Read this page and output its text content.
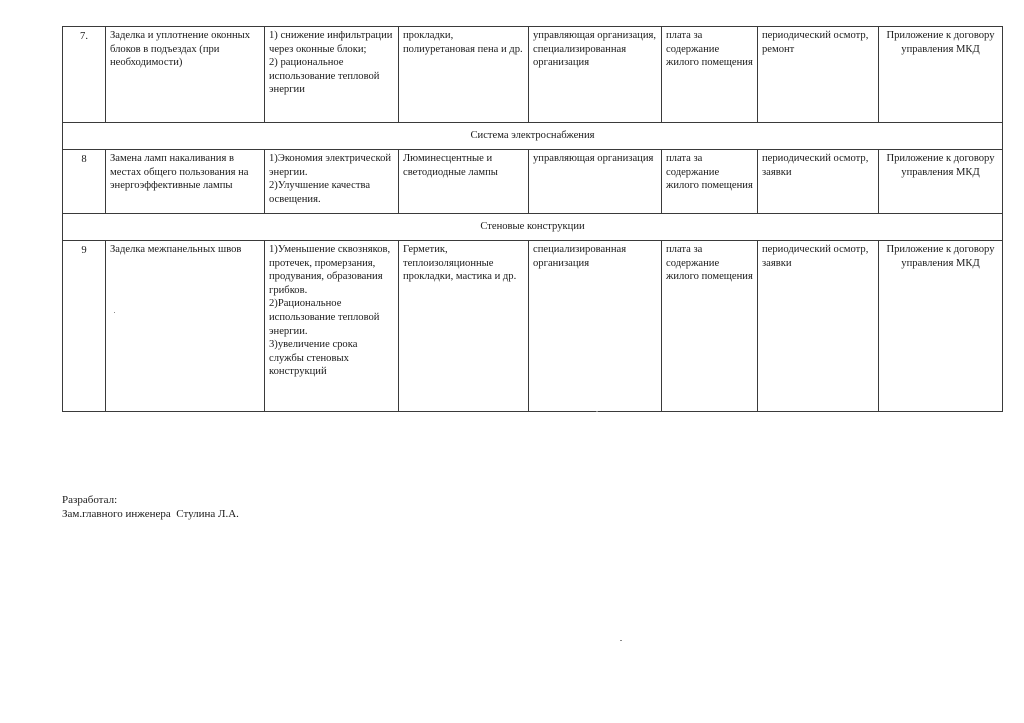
7.	Заделка и уплотнение оконных блоков в подъездах (при необходимости)	1) снижение инфильтрации через оконные блоки;
2) рациональное использование тепловой энергии	прокладки, полиуретановая пена и др.	управляющая организация, специализированная организация	плата за содержание жилого помещения	периодический осмотр, ремонт	Приложение к договору управления МКД
Система электроснабжения							
8	Замена ламп накаливания в местах общего пользования на энергоэффективные лампы	1)Экономия электрической энергии.
2)Улучшение качества освещения.	Люминесцентные и светодиодные лампы	управляющая организация	плата за содержание жилого помещения	периодический осмотр, заявки	Приложение к договору управления МКД
Стеновые конструкции							
9	Заделка межпанельных швов	1)Уменьшение сквозняков, протечек, промерзания, продувания, образования грибков.
2)Рациональное использование тепловой энергии.
3)увеличение срока службы стеновых конструкций	Герметик, теплоизоляционные прокладки, мастика и др.	специализированная организация	плата за содержание жилого помещения	периодический осмотр, заявки	Приложение к договору управления МКД
Разработал:
Зам.главного инженера  Стулина Л.А.
